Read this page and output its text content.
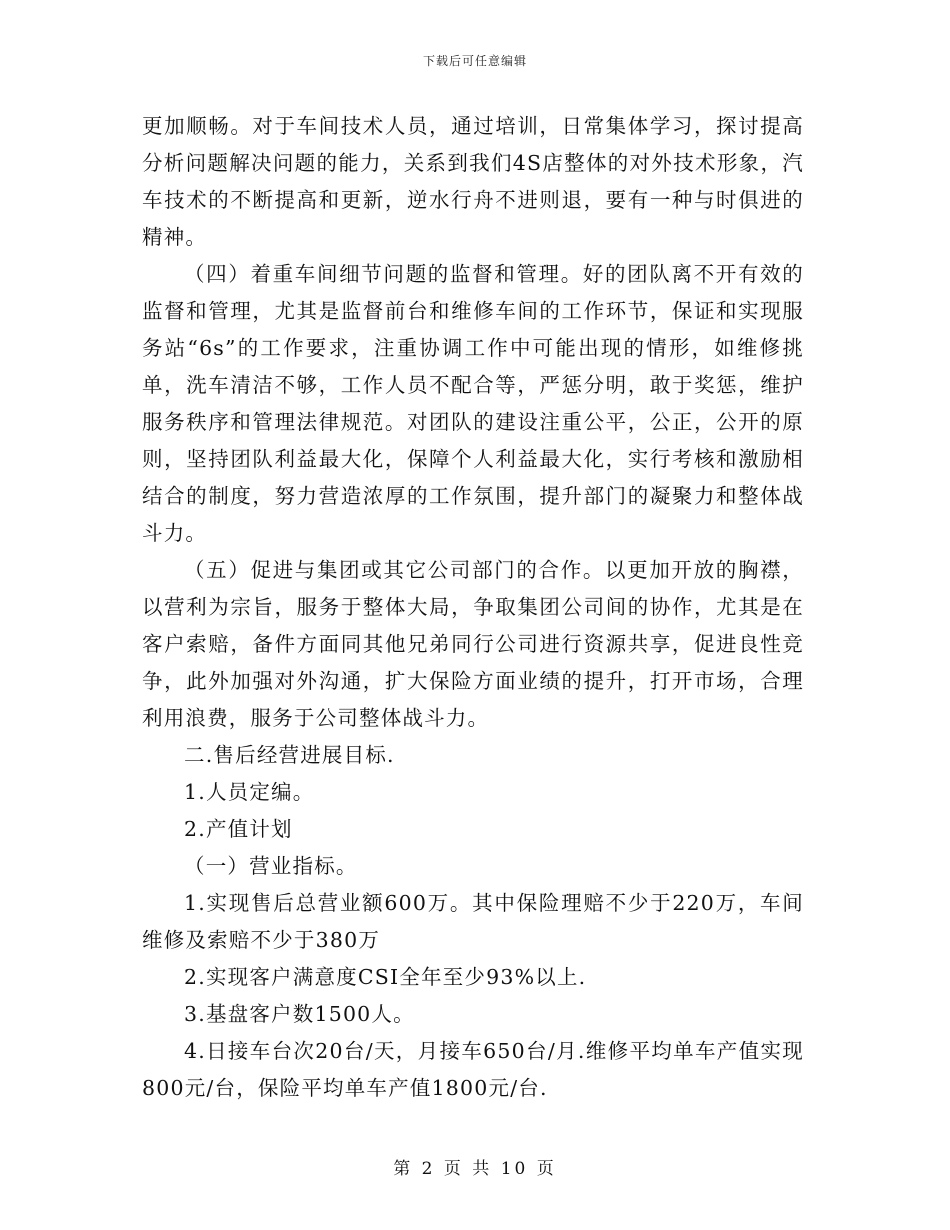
下载后可任意编辑

更加顺畅。对于车间技术人员，通过培训，日常集体学习，探讨提高分析问题解决问题的能力，关系到我们4S店整体的对外技术形象，汽车技术的不断提高和更新，逆水行舟不进则退，要有一种与时俱进的精神。

（四）着重车间细节问题的监督和管理。好的团队离不开有效的监督和管理，尤其是监督前台和维修车间的工作环节，保证和实现服务站“6s”的工作要求，注重协调工作中可能出现的情形，如维修挑单，洗车清洁不够，工作人员不配合等，严惩分明，敢于奖惩，维护服务秩序和管理法律规范。对团队的建设注重公平，公正，公开的原则，坚持团队利益最大化，保障个人利益最大化，实行考核和激励相结合的制度，努力营造浓厚的工作氛围，提升部门的凝聚力和整体战斗力。

（五）促进与集团或其它公司部门的合作。以更加开放的胸襟，以营利为宗旨，服务于整体大局，争取集团公司间的协作，尤其是在客户索赔，备件方面同其他兄弟同行公司进行资源共享，促进良性竞争，此外加强对外沟通，扩大保险方面业绩的提升，打开市场，合理利用浪费，服务于公司整体战斗力。

二.售后经营进展目标.

1.人员定编。

2.产值计划

（一）营业指标。

1.实现售后总营业额600万。其中保险理赔不少于220万，车间维修及索赔不少于380万

2.实现客户满意度CSI全年至少93%以上.

3.基盘客户数1500人。

4.日接车台次20台/天，月接车650台/月.维修平均单车产值实现800元/台，保险平均单车产值1800元/台.

第 2 页 共 10 页
